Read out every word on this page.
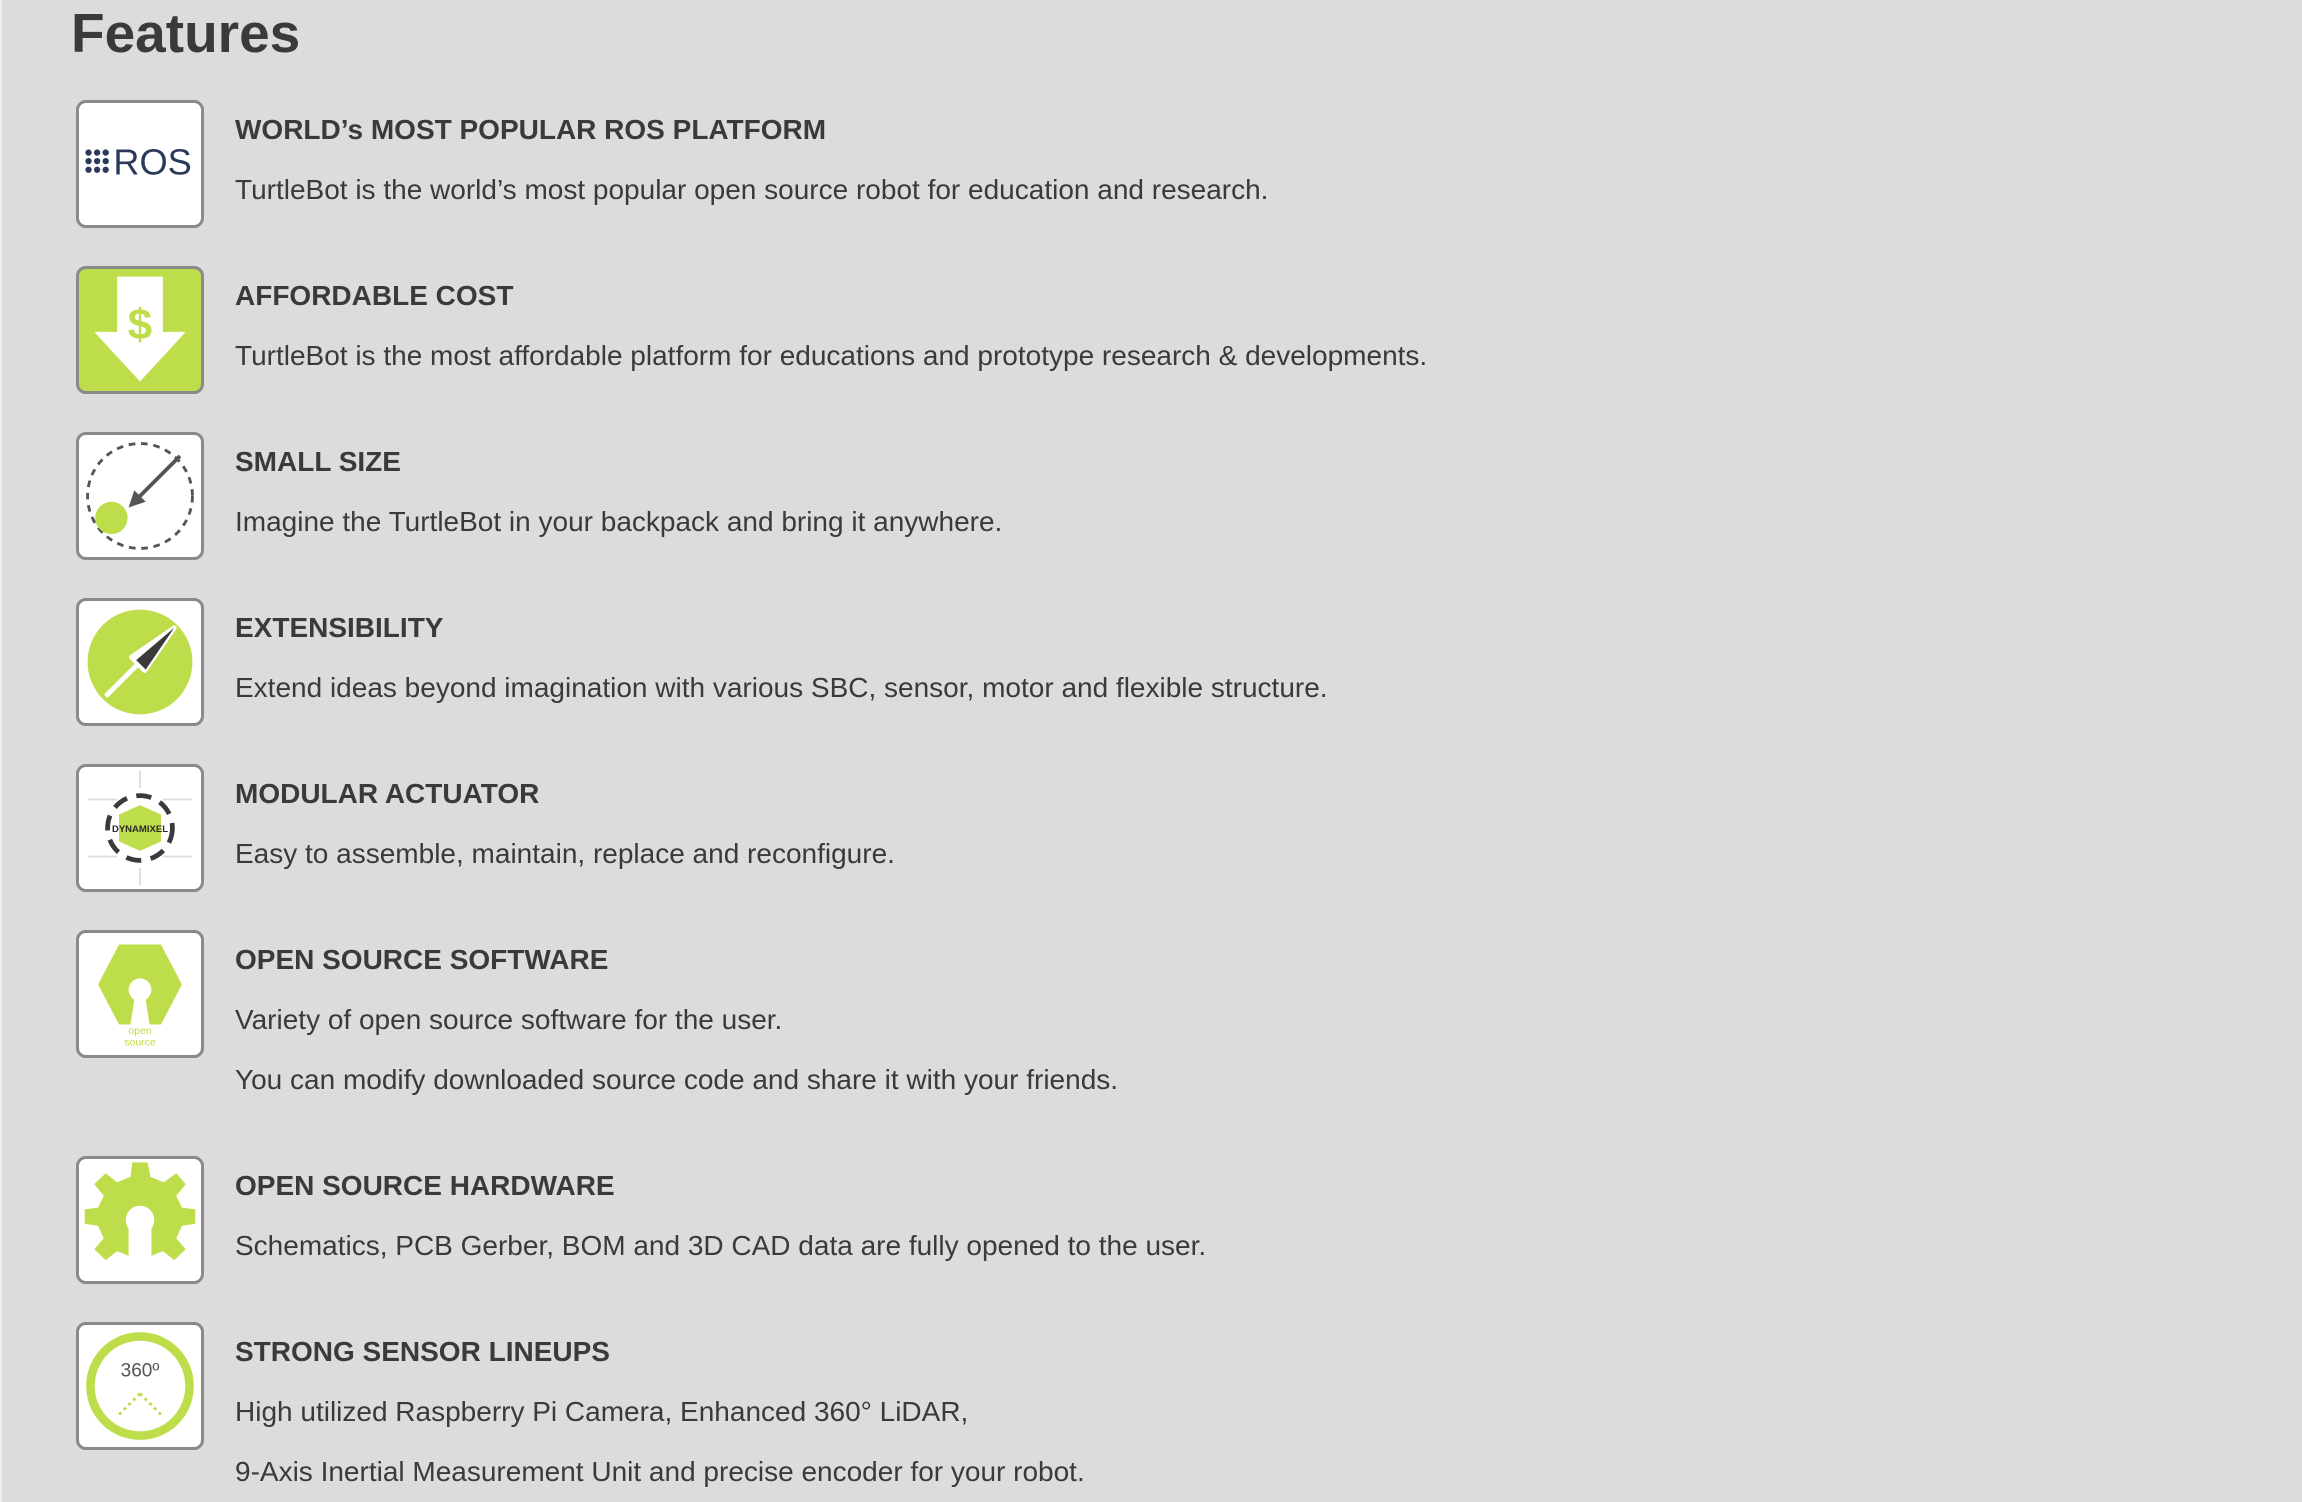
Features
ROS
WORLD’s MOST POPULAR ROS PLATFORM
TurtleBot is the world’s most popular open source robot for education and research.
$
AFFORDABLE COST
TurtleBot is the most affordable platform for educations and prototype research & developments.
SMALL SIZE
Imagine the TurtleBot in your backpack and bring it anywhere.
EXTENSIBILITY
Extend ideas beyond imagination with various SBC, sensor, motor and flexible structure.
DYNAMIXEL
MODULAR ACTUATOR
Easy to assemble, maintain, replace and reconfigure.
open
source
OPEN SOURCE SOFTWARE
Variety of open source software for the user.
You can modify downloaded source code and share it with your friends.
OPEN SOURCE HARDWARE
Schematics, PCB Gerber, BOM and 3D CAD data are fully opened to the user.
360º
STRONG SENSOR LINEUPS
High utilized Raspberry Pi Camera, Enhanced 360° LiDAR,
9-Axis Inertial Measurement Unit and precise encoder for your robot.
